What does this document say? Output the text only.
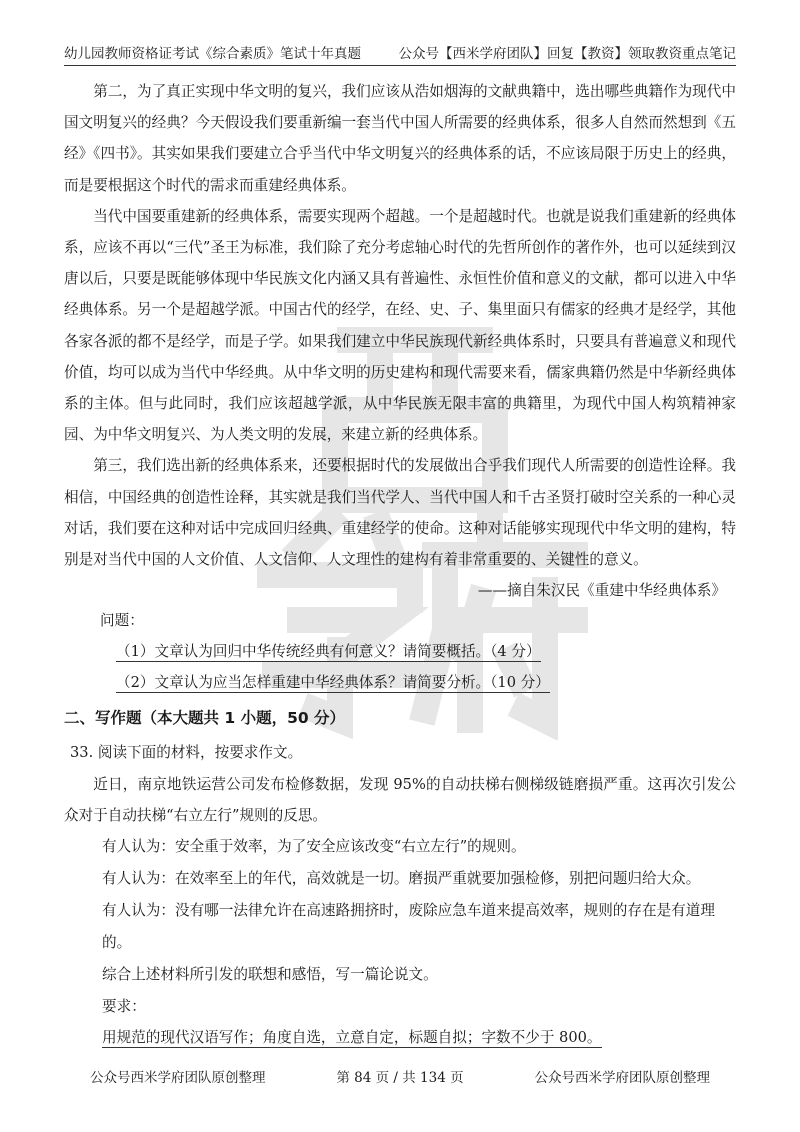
幼儿园教师资格证考试《综合素质》笔试十年真题	公众号【西米学府团队】回复【教资】领取教资重点笔记

第二，为了真正实现中华文明的复兴，我们应该从浩如烟海的文献典籍中，选出哪些典籍作为现代中国文明复兴的经典？今天假设我们要重新编一套当代中国人所需要的经典体系，很多人自然而然想到《五经》《四书》。其实如果我们要建立合乎当代中华文明复兴的经典体系的话，不应该局限于历史上的经典，而是要根据这个时代的需求而重建经典体系。

当代中国要重建新的经典体系，需要实现两个超越。一个是超越时代。也就是说我们重建新的经典体系，应该不再以“三代”圣王为标准，我们除了充分考虑轴心时代的先哲所创作的著作外，也可以延续到汉唐以后，只要是既能够体现中华民族文化内涵又具有普遍性、永恒性价值和意义的文献，都可以进入中华经典体系。另一个是超越学派。中国古代的经学，在经、史、子、集里面只有儒家的经典才是经学，其他各家各派的都不是经学，而是子学。如果我们建立中华民族现代新经典体系时，只要具有普遍意义和现代价值，均可以成为当代中华经典。从中华文明的历史建构和现代需要来看，儒家典籍仍然是中华新经典体系的主体。但与此同时，我们应该超越学派，从中华民族无限丰富的典籍里，为现代中国人构筑精神家园、为中华文明复兴、为人类文明的发展，来建立新的经典体系。

第三，我们选出新的经典体系来，还要根据时代的发展做出合乎我们现代人所需要的创造性诠释。我相信，中国经典的创造性诠释，其实就是我们当代学人、当代中国人和千古圣贤打破时空关系的一种心灵对话，我们要在这种对话中完成回归经典、重建经学的使命。这种对话能够实现现代中华文明的建构，特别是对当代中国的人文价值、人文信仰、人文理性的建构有着非常重要的、关键性的意义。

——摘自朱汉民《重建中华经典体系》

问题：

（1）文章认为回归中华传统经典有何意义？请简要概括。（4 分）

（2）文章认为应当怎样重建中华经典体系？请简要分析。（10 分）

二、写作题（本大题共 1 小题，50 分）

33. 阅读下面的材料，按要求作文。

近日，南京地铁运营公司发布检修数据，发现 95%的自动扶梯右侧梯级链磨损严重。这再次引发公众对于自动扶梯“右立左行”规则的反思。

有人认为：安全重于效率，为了安全应该改变“右立左行”的规则。

有人认为：在效率至上的年代，高效就是一切。磨损严重就要加强检修，别把问题归给大众。

有人认为：没有哪一法律允许在高速路拥挤时，废除应急车道来提高效率，规则的存在是有道理的。

综合上述材料所引发的联想和感悟，写一篇论说文。

要求：

用规范的现代汉语写作；角度自选，立意自定，标题自拟；字数不少于 800。

公众号西米学府团队原创整理	第 84 页 / 共 134 页	公众号西米学府团队原创整理
